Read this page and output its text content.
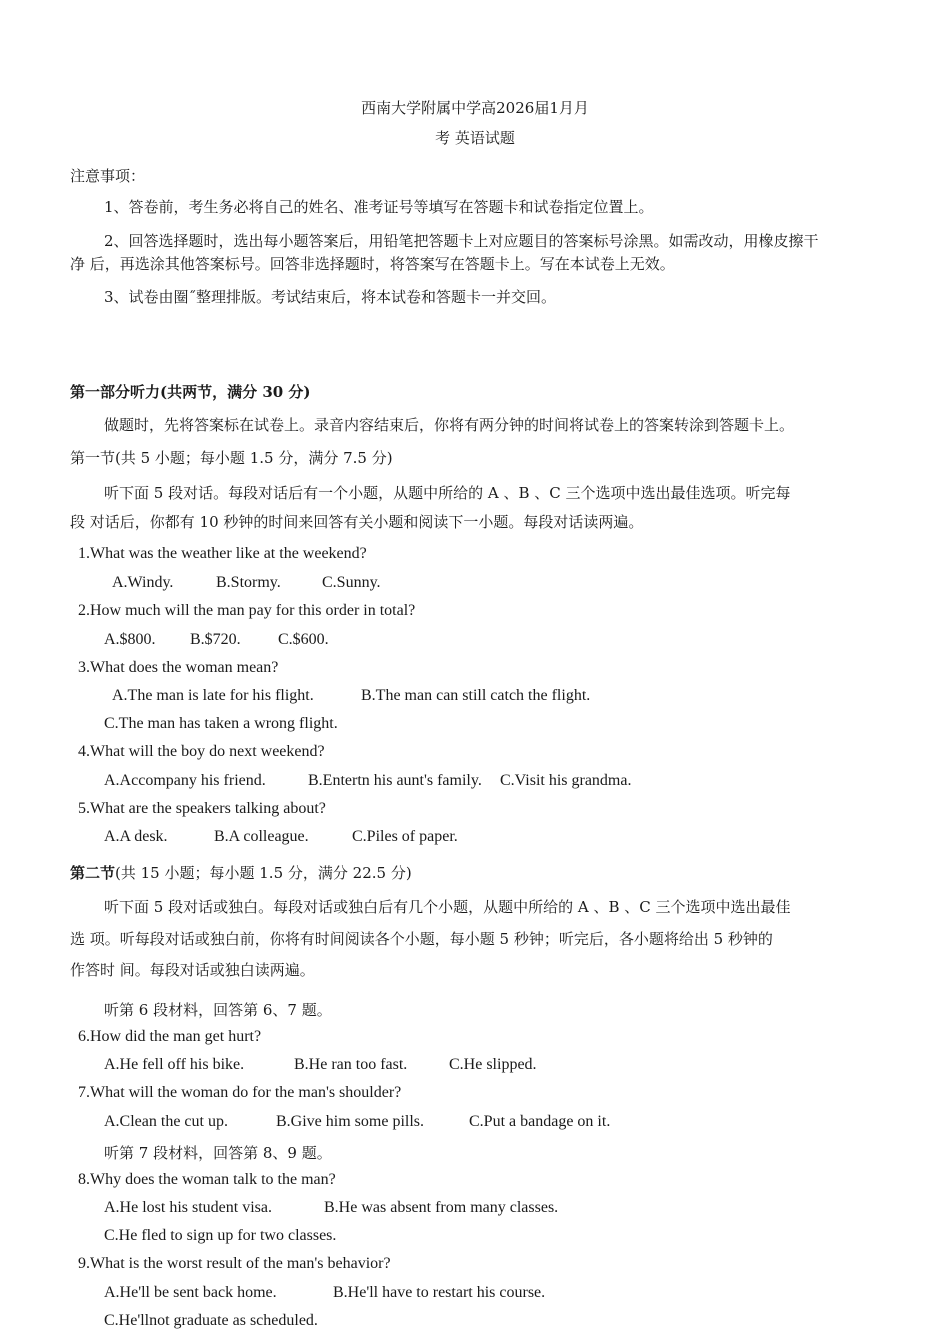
西南大学附属中学高2026届1月月
考 英语试题
注意事项：
1、答卷前，考生务必将自己的姓名、准考证号等填写在答题卡和试卷指定位置上。
2、回答选择题时，选出每小题答案后，用铅笔把答题卡上对应题目的答案标号涂黑。如需改动，用橡皮擦干
净 后，再选涂其他答案标号。回答非选择题时，将答案写在答题卡上。写在本试卷上无效。
3、试卷由圈˝整理排版。考试结束后，将本试卷和答题卡一并交回。
第一部分听力(共两节，满分 30 分)
做题时，先将答案标在试卷上。录音内容结束后，你将有两分钟的时间将试卷上的答案转涂到答题卡上。
第一节(共 5 小题；每小题 1.5 分，满分 7.5 分)
听下面 5 段对话。每段对话后有一个小题，从题中所给的 A 、B 、C 三个选项中选出最佳选项。听完每
段 对话后，你都有 10 秒钟的时间来回答有关小题和阅读下一小题。每段对话读两遍。
1.What was the weather like at the weekend?
A.Windy.	B.Stormy.	C.Sunny.
2.How much will the man pay for this order in total?
A.$800. B.$720. C.$600.
3.What does the woman mean?
A.The man is late for his flight.	B.The man can still catch the flight.
C.The man has taken a wrong flight.
4.What will the boy do next weekend?
A.Accompany his friend.	B.Entertn his aunt's family. C.Visit his grandma.
5.What are the speakers talking about?
A.A desk.	B.A colleague.	C.Piles of paper.
第二节(共 15 小题；每小题 1.5 分，满分 22.5 分)
听下面 5 段对话或独白。每段对话或独白后有几个小题，从题中所给的 A 、B 、C 三个选项中选出最佳
选 项。听每段对话或独白前，你将有时间阅读各个小题，每小题 5 秒钟；听完后，各小题将给出 5 秒钟的
作答时 间。每段对话或独白读两遍。
听第 6 段材料，回答第 6、7 题。
6.How did the man get hurt?
A.He fell off his bike.	B.He ran too fast.	C.He slipped.
7.What will the woman do for the man's shoulder?
A.Clean the cut up.	B.Give him some pills.	C.Put a bandage on it.
听第 7 段材料，回答第 8、9 题。
8.Why does the woman talk to the man?
A.He lost his student visa.	B.He was absent from many classes.
C.He fled to sign up for two classes.
9.What is the worst result of the man's behavior?
A.He'll be sent back home.	B.He'll have to restart his course.
C.He'llnot graduate as scheduled.
